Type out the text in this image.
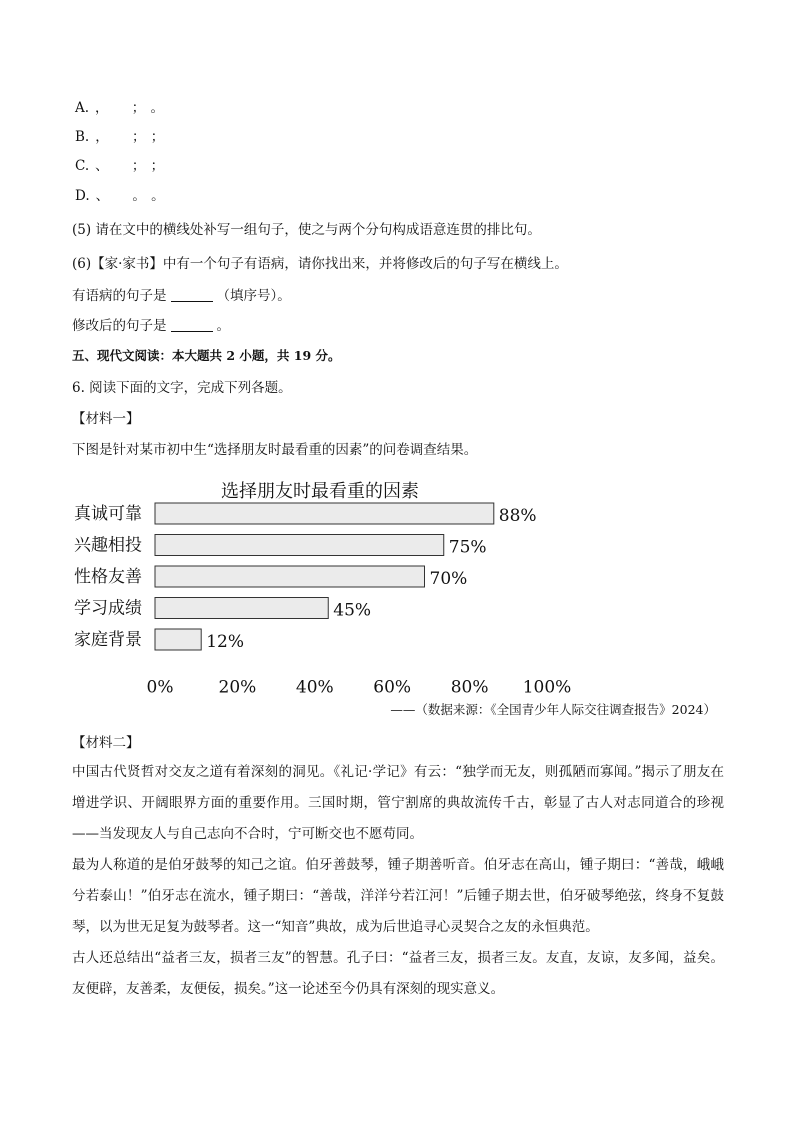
A. ， ； 。
B. ， ； ；
C. 、 ； ；
D. 、 。 。
(5) 请在文中的横线处补写一组句子，使之与两个分句构成语意连贯的排比句。
(6)【家·家书】中有一个句子有语病，请你找出来，并将修改后的句子写在横线上。
有语病的句子是	（填序号）。
修改后的句子是	。
五、现代文阅读：本大题共 2 小题，共 19 分。
6. 阅读下面的文字，完成下列各题。
【材料一】
下图是针对某市初中生“选择朋友时最看重的因素”的问卷调查结果。
选择朋友时最看重的因素
真诚可靠	88%
兴趣相投	75%
性格友善	70%
学习成绩	45%
家庭背景	12%
0%	20% 40% 60% 80% 100%
——（数据来源：《全国青少年人际交往调查报告》2024）
【材料二】
中国古代贤哲对交友之道有着深刻的洞见。《礼记·学记》有云：“独学而无友，则孤陋而寡闻。”揭示了朋友在增进学识、开阔眼界方面的重要作用。三国时期，管宁割席的典故流传千古，彰显了古人对志同道合的珍视——当发现友人与自己志向不合时，宁可断交也不愿苟同。
最为人称道的是伯牙鼓琴的知己之谊。伯牙善鼓琴，锺子期善听音。伯牙志在高山，锺子期曰：“善哉，峨峨兮若泰山！”伯牙志在流水，锺子期曰：“善哉，洋洋兮若江河！”后锺子期去世，伯牙破琴绝弦，终身不复鼓琴，以为世无足复为鼓琴者。这一“知音”典故，成为后世追寻心灵契合之友的永恒典范。
古人还总结出“益者三友，损者三友”的智慧。孔子曰：“益者三友，损者三友。友直，友谅，友多闻，益矣。友便辟，友善柔，友便佞，损矣。”这一论述至今仍具有深刻的现实意义。
